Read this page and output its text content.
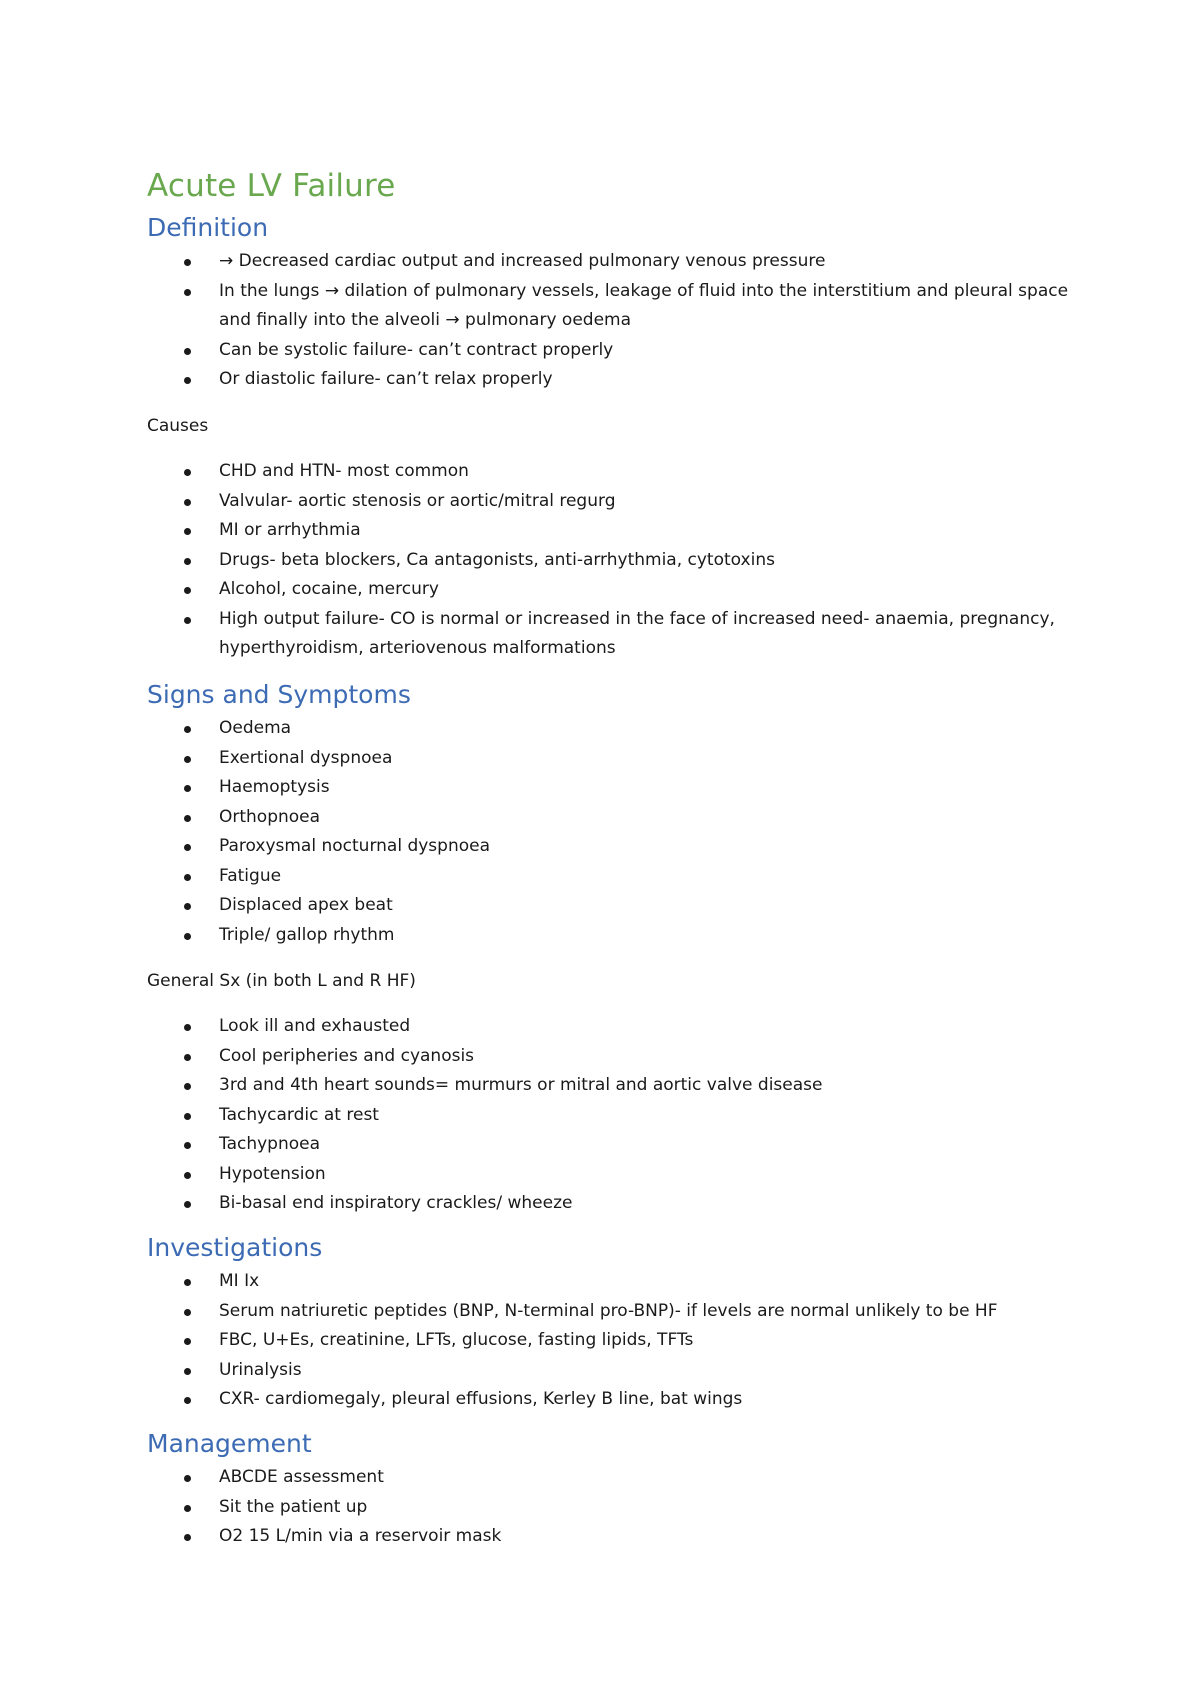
Acute LV Failure
Definition
→ Decreased cardiac output and increased pulmonary venous pressure
In the lungs → dilation of pulmonary vessels, leakage of fluid into the interstitium and pleural space and finally into the alveoli → pulmonary oedema
Can be systolic failure- can’t contract properly
Or diastolic failure- can’t relax properly

Causes

CHD and HTN- most common
Valvular- aortic stenosis or aortic/mitral regurg
MI or arrhythmia
Drugs- beta blockers, Ca antagonists, anti-arrhythmia, cytotoxins
Alcohol, cocaine, mercury
High output failure- CO is normal or increased in the face of increased need- anaemia, pregnancy, hyperthyroidism, arteriovenous malformations
Signs and Symptoms
Oedema
Exertional dyspnoea
Haemoptysis
Orthopnoea
Paroxysmal nocturnal dyspnoea
Fatigue
Displaced apex beat
Triple/ gallop rhythm

General Sx (in both L and R HF)

Look ill and exhausted
Cool peripheries and cyanosis
3rd and 4th heart sounds= murmurs or mitral and aortic valve disease
Tachycardic at rest
Tachypnoea
Hypotension
Bi-basal end inspiratory crackles/ wheeze
Investigations
MI Ix
Serum natriuretic peptides (BNP, N-terminal pro-BNP)- if levels are normal unlikely to be HF
FBC, U+Es, creatinine, LFTs, glucose, fasting lipids, TFTs
Urinalysis
CXR- cardiomegaly, pleural effusions, Kerley B line, bat wings
Management
ABCDE assessment
Sit the patient up
O2 15 L/min via a reservoir mask
